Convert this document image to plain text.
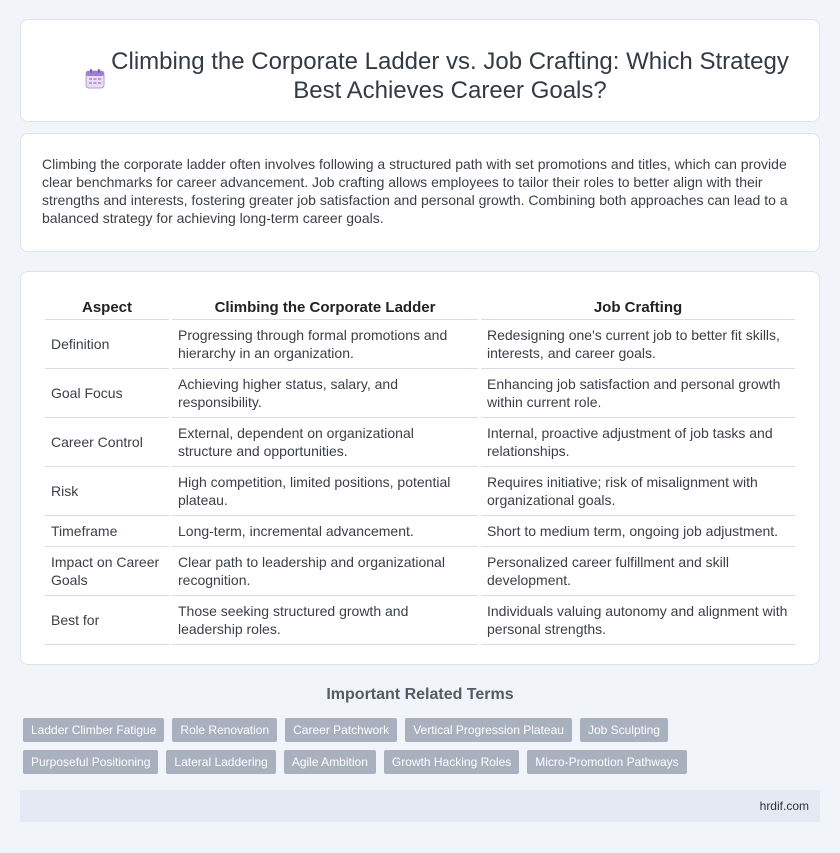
Climbing the Corporate Ladder vs. Job Crafting: Which Strategy Best Achieves Career Goals?

Climbing the corporate ladder often involves following a structured path with set promotions and titles, which can provide clear benchmarks for career advancement. Job crafting allows employees to tailor their roles to better align with their strengths and interests, fostering greater job satisfaction and personal growth. Combining both approaches can lead to a balanced strategy for achieving long-term career goals.

Aspect	Climbing the Corporate Ladder	Job Crafting
Definition	Progressing through formal promotions and hierarchy in an organization.	Redesigning one's current job to better fit skills, interests, and career goals.
Goal Focus	Achieving higher status, salary, and responsibility.	Enhancing job satisfaction and personal growth within current role.
Career Control	External, dependent on organizational structure and opportunities.	Internal, proactive adjustment of job tasks and relationships.
Risk	High competition, limited positions, potential plateau.	Requires initiative; risk of misalignment with organizational goals.
Timeframe	Long-term, incremental advancement.	Short to medium term, ongoing job adjustment.
Impact on Career Goals	Clear path to leadership and organizational recognition.	Personalized career fulfillment and skill development.
Best for	Those seeking structured growth and leadership roles.	Individuals valuing autonomy and alignment with personal strengths.
Important Related Terms
Ladder Climber Fatigue	Role Renovation	Career Patchwork	Vertical Progression Plateau	Job Sculpting
Purposeful Positioning	Lateral Laddering	Agile Ambition	Growth Hacking Roles	Micro-Promotion Pathways
hrdif.com
